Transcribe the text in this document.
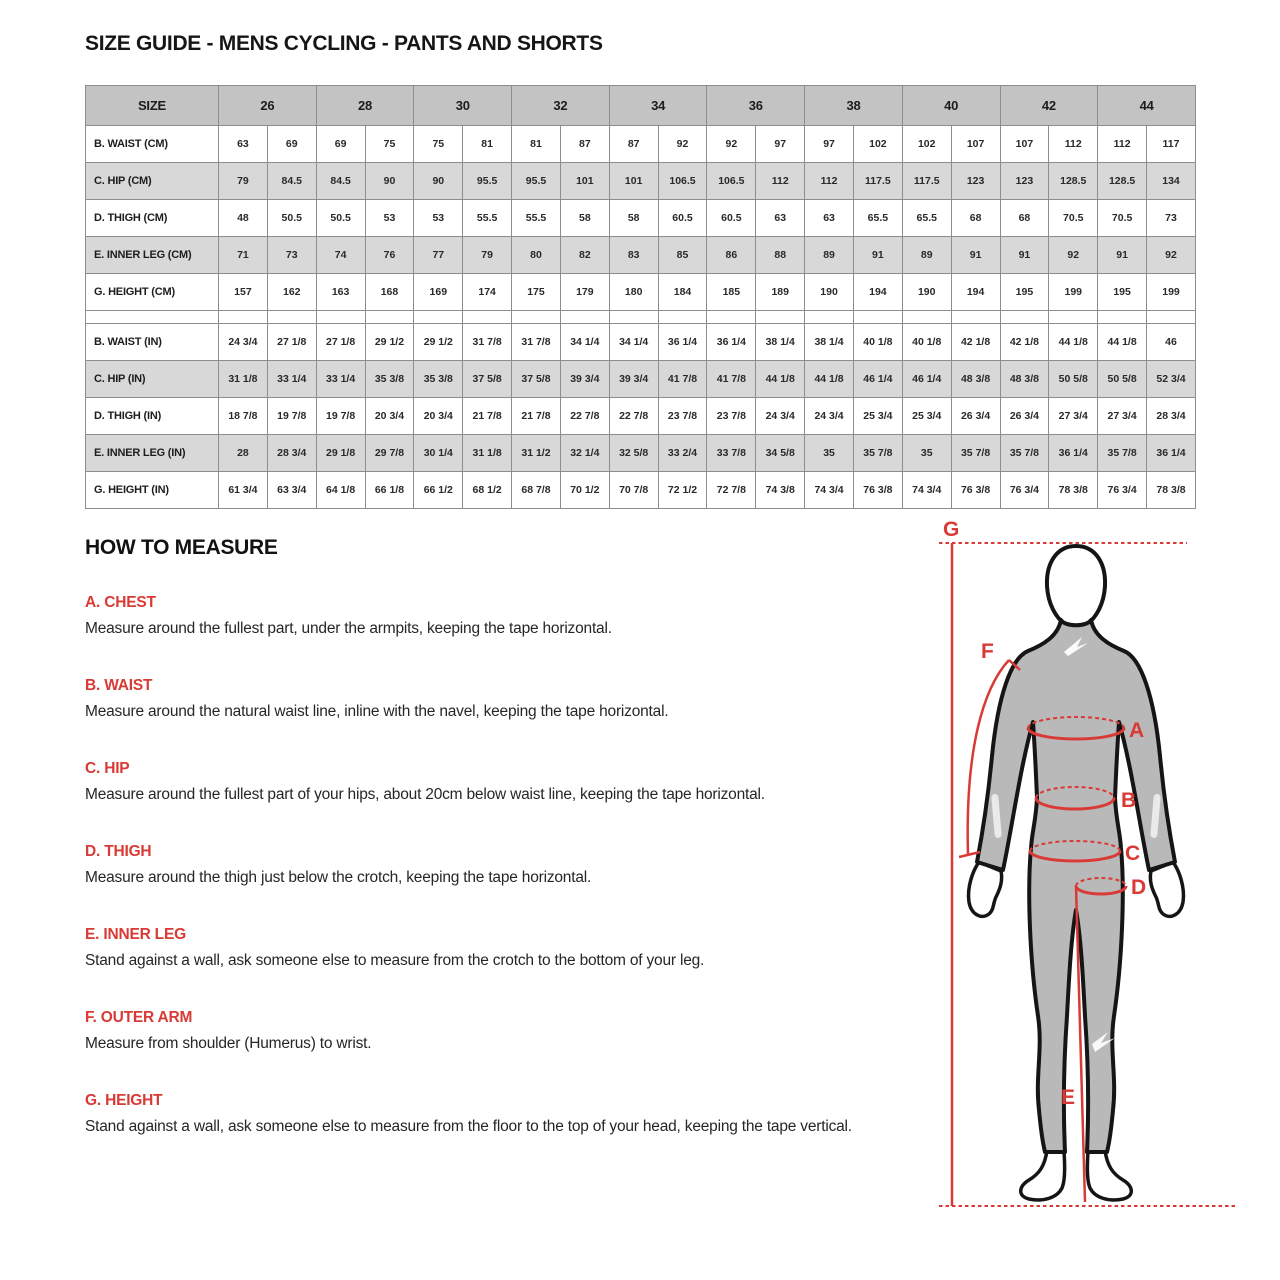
SIZE GUIDE - MENS CYCLING - PANTS AND SHORTS
SIZE	26		28		30		32		34		36		38		40		42		44	
B. WAIST (CM)	63	69	69	75	75	81	81	87	87	92	92	97	97	102	102	107	107	112	112	117
C. HIP (CM)	79	84.5	84.5	90	90	95.5	95.5	101	101	106.5	106.5	112	112	117.5	117.5	123	123	128.5	128.5	134
D. THIGH (CM)	48	50.5	50.5	53	53	55.5	55.5	58	58	60.5	60.5	63	63	65.5	65.5	68	68	70.5	70.5	73
E. INNER LEG (CM)	71	73	74	76	77	79	80	82	83	85	86	88	89	91	89	91	91	92	91	92
G. HEIGHT (CM)	157	162	163	168	169	174	175	179	180	184	185	189	190	194	190	194	195	199	195	199

B. WAIST (IN)	24 3/4	27 1/8	27 1/8	29 1/2	29 1/2	31 7/8	31 7/8	34 1/4	34 1/4	36 1/4	36 1/4	38 1/4	38 1/4	40 1/8	40 1/8	42 1/8	42 1/8	44 1/8	44 1/8	46
C. HIP (IN)	31 1/8	33 1/4	33 1/4	35 3/8	35 3/8	37 5/8	37 5/8	39 3/4	39 3/4	41 7/8	41 7/8	44 1/8	44 1/8	46 1/4	46 1/4	48 3/8	48 3/8	50 5/8	50 5/8	52 3/4
D. THIGH (IN)	18 7/8	19 7/8	19 7/8	20 3/4	20 3/4	21 7/8	21 7/8	22 7/8	22 7/8	23 7/8	23 7/8	24 3/4	24 3/4	25 3/4	25 3/4	26 3/4	26 3/4	27 3/4	27 3/4	28 3/4
E. INNER LEG (IN)	28	28 3/4	29 1/8	29 7/8	30 1/4	31 1/8	31 1/2	32 1/4	32 5/8	33 2/4	33 7/8	34 5/8	35	35 7/8	35	35 7/8	35 7/8	36 1/4	35 7/8	36 1/4
G. HEIGHT (IN)	61 3/4	63 3/4	64 1/8	66 1/8	66 1/2	68 1/2	68 7/8	70 1/2	70 7/8	72 1/2	72 7/8	74 3/8	74 3/4	76 3/8	74 3/4	76 3/8	76 3/4	78 3/8	76 3/4	78 3/8
HOW TO MEASURE
A. CHEST
Measure around the fullest part, under the armpits, keeping the tape horizontal.
B. WAIST
Measure around the natural waist line, inline with the navel, keeping the tape horizontal.
C. HIP
Measure around the fullest part of your hips, about 20cm below waist line, keeping the tape horizontal.
D. THIGH
Measure around the thigh just below the crotch, keeping the tape horizontal.
E. INNER LEG
Stand against a wall, ask someone else to measure from the crotch to the bottom of your leg.
F. OUTER ARM
Measure from shoulder (Humerus) to wrist.
G. HEIGHT
Stand against a wall, ask someone else to measure from the floor to the top of your head, keeping the tape vertical.
G
F
A
B
C
D
E
